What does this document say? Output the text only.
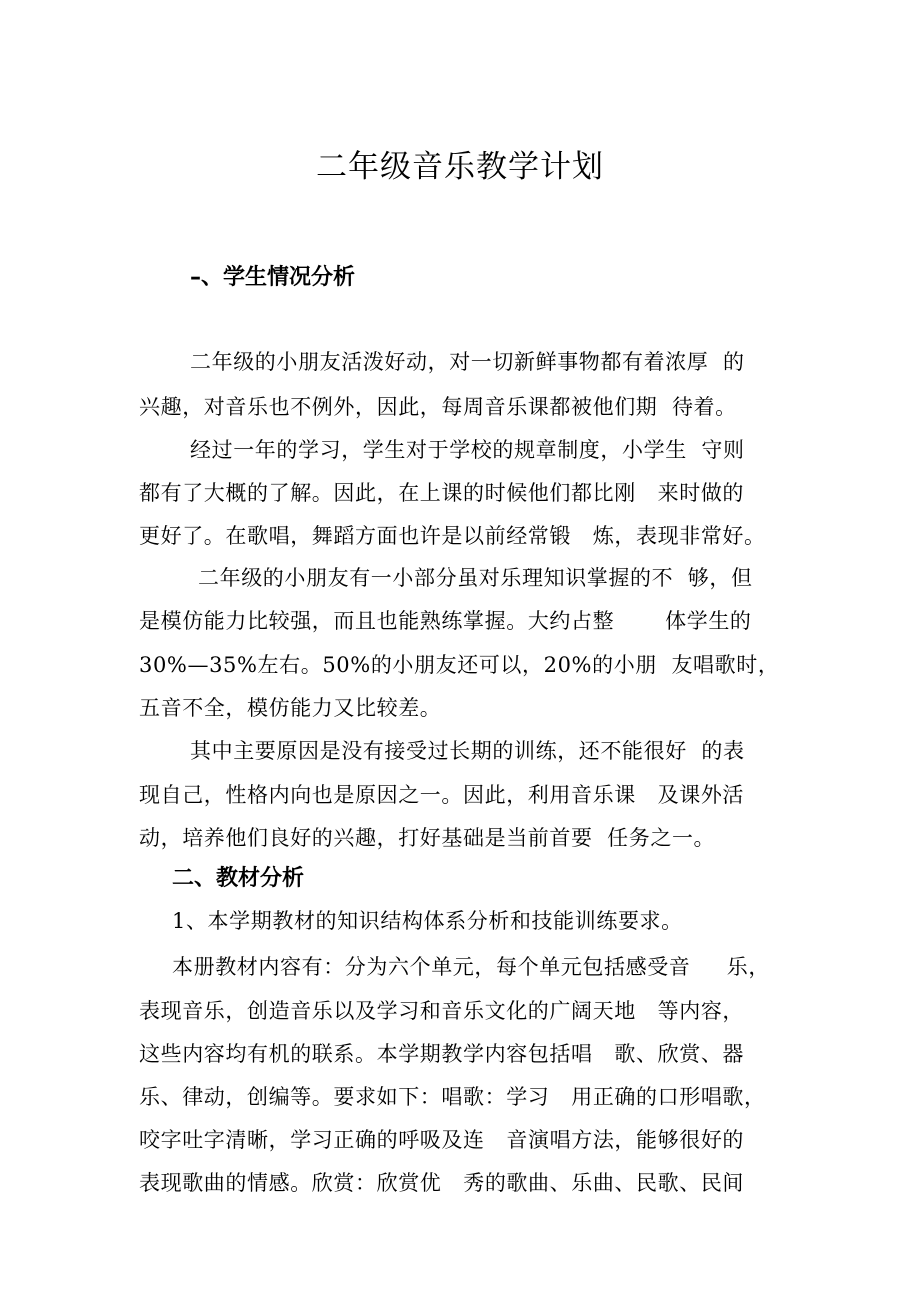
二年级音乐教学计划
–、学生情况分析

二年级的小朋友活泼好动，对一切新鲜事物都有着浓厚  的

兴趣，对音乐也不例外，因此，每周音乐课都被他们期  待着。

经过一年的学习，学生对于学校的规章制度，小学生  守则

都有了大概的了解。因此，在上课的时候他们都比刚   来时做的

更好了。在歌唱，舞蹈方面也许是以前经常锻   炼，表现非常好。

二年级的小朋友有一小部分虽对乐理知识掌握的不  够，但

是模仿能力比较强，而且也能熟练掌握。大约占整       体学生的

30%—35%左右。50%的小朋友还可以，20%的小朋  友唱歌时，

五音不全，模仿能力又比较差。

其中主要原因是没有接受过长期的训练，还不能很好  的表

现自己，性格内向也是原因之一。因此，利用音乐课   及课外活

动，培养他们良好的兴趣，打好基础是当前首要  任务之一。

二、教材分析

1、本学期教材的知识结构体系分析和技能训练要求。

本册教材内容有：分为六个单元，每个单元包括感受音     乐，

表现音乐，创造音乐以及学习和音乐文化的广阔天地   等内容，

这些内容均有机的联系。本学期教学内容包括唱   歌、欣赏、器

乐、律动，创编等。要求如下：唱歌：学习   用正确的口形唱歌，

咬字吐字清晰，学习正确的呼吸及连   音演唱方法，能够很好的

表现歌曲的情感。欣赏：欣赏优   秀的歌曲、乐曲、民歌、民间
